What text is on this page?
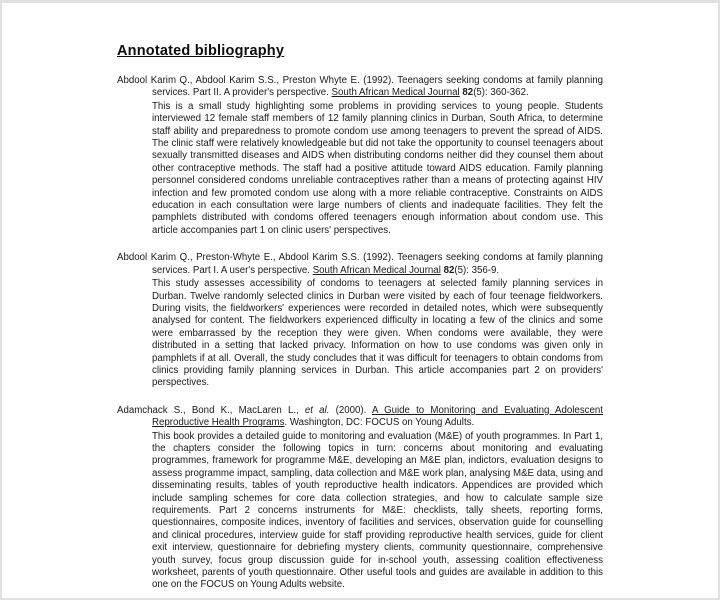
Annotated bibliography

Abdool Karim Q., Abdool Karim S.S., Preston Whyte E. (1992). Teenagers seeking condoms at family planning services. Part II. A provider's perspective. South African Medical Journal 82(5): 360-362.

This is a small study highlighting some problems in providing services to young people. Students interviewed 12 female staff members of 12 family planning clinics in Durban, South Africa, to determine staff ability and preparedness to promote condom use among teenagers to prevent the spread of AIDS. The clinic staff were relatively knowledgeable but did not take the opportunity to counsel teenagers about sexually transmitted diseases and AIDS when distributing condoms neither did they counsel them about other contraceptive methods. The staff had a positive attitude toward AIDS education. Family planning personnel considered condoms unreliable contraceptives rather than a means of protecting against HIV infection and few promoted condom use along with a more reliable contraceptive. Constraints on AIDS education in each consultation were large numbers of clients and inadequate facilities. They felt the pamphlets distributed with condoms offered teenagers enough information about condom use. This article accompanies part 1 on clinic users' perspectives.

Abdool Karim Q., Preston-Whyte E., Abdool Karim S.S. (1992). Teenagers seeking condoms at family planning services. Part I. A user's perspective. South African Medical Journal 82(5): 356-9.

This study assesses accessibility of condoms to teenagers at selected family planning services in Durban. Twelve randomly selected clinics in Durban were visited by each of four teenage fieldworkers. During visits, the fieldworkers' experiences were recorded in detailed notes, which were subsequently analysed for content. The fieldworkers experienced difficulty in locating a few of the clinics and some were embarrassed by the reception they were given. When condoms were available, they were distributed in a setting that lacked privacy. Information on how to use condoms was given only in pamphlets if at all. Overall, the study concludes that it was difficult for teenagers to obtain condoms from clinics providing family planning services in Durban. This article accompanies part 2 on providers' perspectives.

Adamchack S., Bond K., MacLaren L., et al. (2000). A Guide to Monitoring and Evaluating Adolescent Reproductive Health Programs. Washington, DC: FOCUS on Young Adults.

This book provides a detailed guide to monitoring and evaluation (M&E) of youth programmes. In Part 1, the chapters consider the following topics in turn: concerns about monitoring and evaluating programmes, framework for programme M&E, developing an M&E plan, indictors, evaluation designs to assess programme impact, sampling, data collection and M&E work plan, analysing M&E data, using and disseminating results, tables of youth reproductive health indicators. Appendices are provided which include sampling schemes for core data collection strategies, and how to calculate sample size requirements. Part 2 concerns instruments for M&E: checklists, tally sheets, reporting forms, questionnaires, composite indices, inventory of facilities and services, observation guide for counselling and clinical procedures, interview guide for staff providing reproductive health services, guide for client exit interview, questionnaire for debriefing mystery clients, community questionnaire, comprehensive youth survey, focus group discussion guide for in-school youth, assessing coalition effectiveness worksheet, parents of youth questionnaire. Other useful tools and guides are available in addition to this one on the FOCUS on Young Adults website.
